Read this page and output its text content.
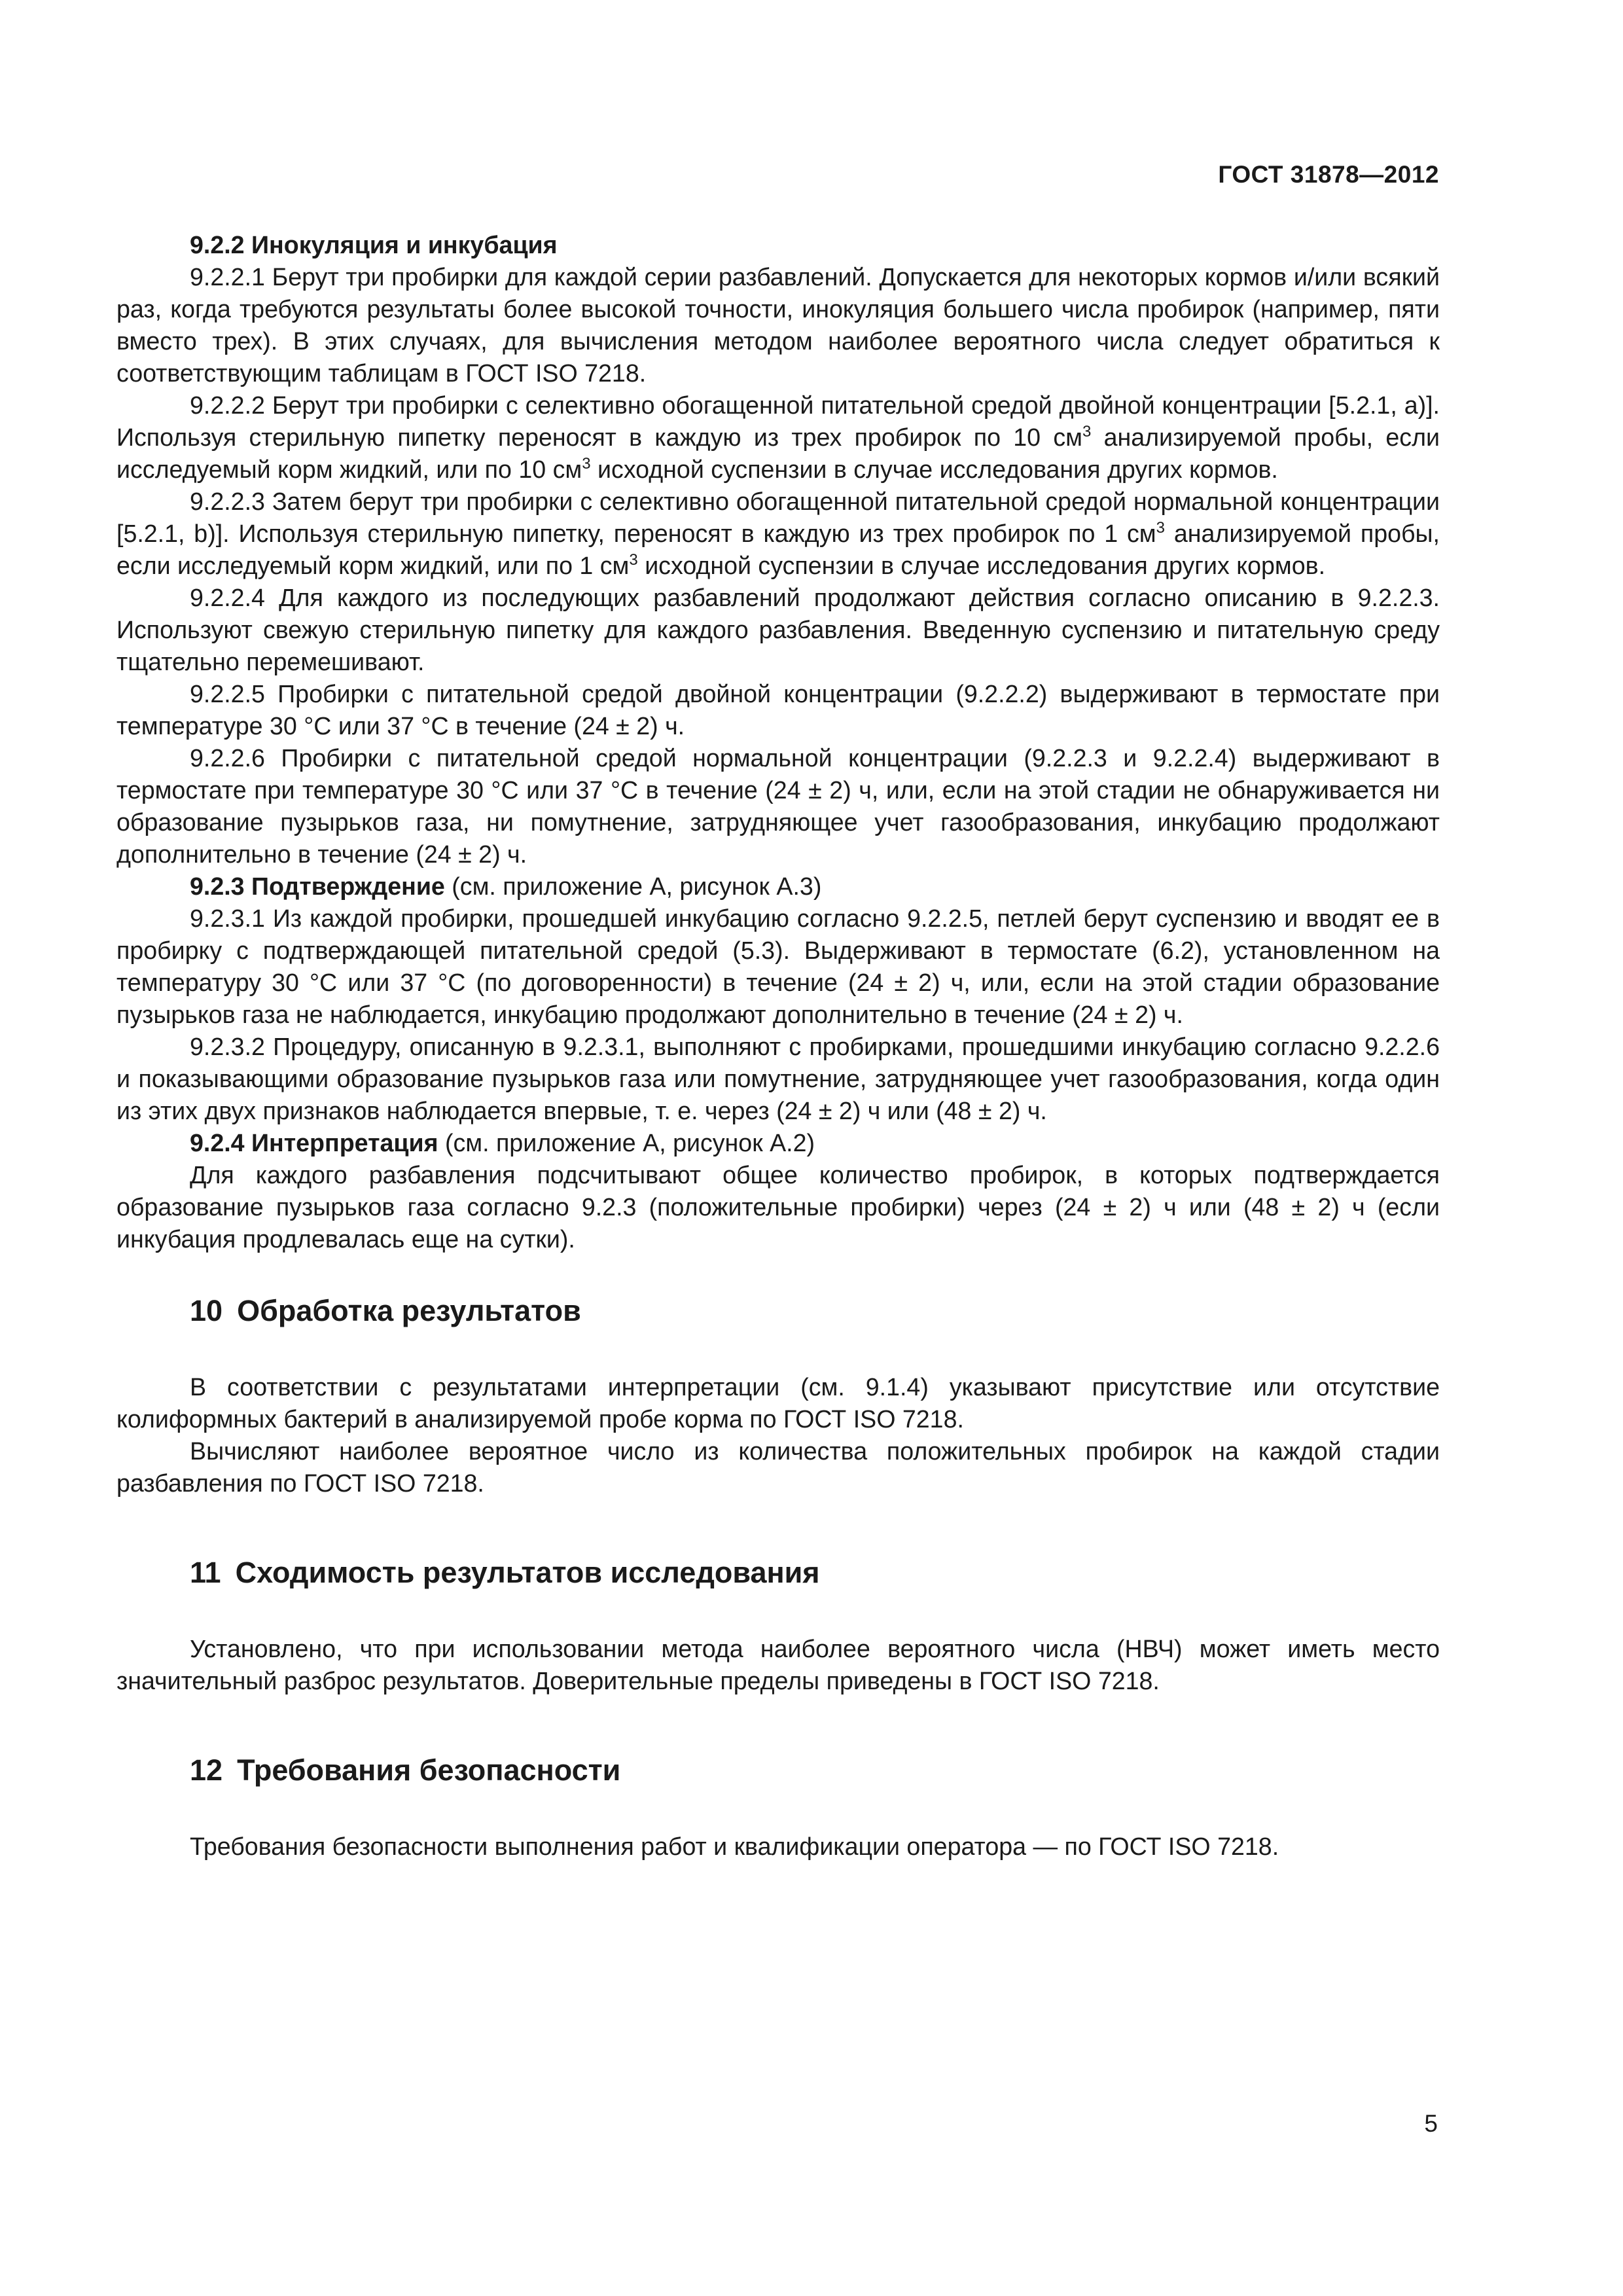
ГОСТ 31878—2012

9.2.2 Инокуляция и инкубация

9.2.2.1 Берут три пробирки для каждой серии разбавлений. Допускается для некоторых кормов и/или всякий раз, когда требуются результаты более высокой точности, инокуляция большего числа пробирок (например, пяти вместо трех). В этих случаях, для вычисления методом наиболее вероятного числа следует обратиться к соответствующим таблицам в ГОСТ ISO 7218.

9.2.2.2 Берут три пробирки с селективно обогащенной питательной средой двойной концентрации [5.2.1, a)]. Используя стерильную пипетку переносят в каждую из трех пробирок по 10 $см^3$ анализируемой пробы, если исследуемый корм жидкий, или по 10 $см^3$ исходной суспензии в случае исследования других кормов.

9.2.2.3 Затем берут три пробирки с селективно обогащенной питательной средой нормальной концентрации [5.2.1, b)]. Используя стерильную пипетку, переносят в каждую из трех пробирок по 1 $см^3$ анализируемой пробы, если исследуемый корм жидкий, или по 1 $см^3$ исходной суспензии в случае исследования других кормов.

9.2.2.4 Для каждого из последующих разбавлений продолжают действия согласно описанию в 9.2.2.3. Используют свежую стерильную пипетку для каждого разбавления. Введенную суспензию и питательную среду тщательно перемешивают.

9.2.2.5 Пробирки с питательной средой двойной концентрации (9.2.2.2) выдерживают в термостате при температуре 30 °С или 37 °С в течение (24 ± 2) ч.

9.2.2.6 Пробирки с питательной средой нормальной концентрации (9.2.2.3 и 9.2.2.4) выдерживают в термостате при температуре 30 °С или 37 °С в течение (24 ± 2) ч, или, если на этой стадии не обнаруживается ни образование пузырьков газа, ни помутнение, затрудняющее учет газообразования, инкубацию продолжают дополнительно в течение (24 ± 2) ч.

9.2.3 Подтверждение (см. приложение А, рисунок А.3)

9.2.3.1 Из каждой пробирки, прошедшей инкубацию согласно 9.2.2.5, петлей берут суспензию и вводят ее в пробирку с подтверждающей питательной средой (5.3). Выдерживают в термостате (6.2), установленном на температуру 30 °С или 37 °С (по договоренности) в течение (24 ± 2) ч, или, если на этой стадии образование пузырьков газа не наблюдается, инкубацию продолжают дополнительно в течение (24 ± 2) ч.

9.2.3.2 Процедуру, описанную в 9.2.3.1, выполняют с пробирками, прошедшими инкубацию согласно 9.2.2.6 и показывающими образование пузырьков газа или помутнение, затрудняющее учет газообразования, когда один из этих двух признаков наблюдается впервые, т. е. через (24 ± 2) ч или (48 ± 2) ч.

9.2.4 Интерпретация (см. приложение А, рисунок А.2)

Для каждого разбавления подсчитывают общее количество пробирок, в которых подтверждается образование пузырьков газа согласно 9.2.3 (положительные пробирки) через (24 ± 2) ч или (48 ± 2) ч (если инкубация продлевалась еще на сутки).

10 Обработка результатов

В соответствии с результатами интерпретации (см. 9.1.4) указывают присутствие или отсутствие колиформных бактерий в анализируемой пробе корма по ГОСТ ISO 7218.

Вычисляют наиболее вероятное число из количества положительных пробирок на каждой стадии разбавления по ГОСТ ISO 7218.

11 Сходимость результатов исследования

Установлено, что при использовании метода наиболее вероятного числа (НВЧ) может иметь место значительный разброс результатов. Доверительные пределы приведены в ГОСТ ISO 7218.

12 Требования безопасности

Требования безопасности выполнения работ и квалификации оператора — по ГОСТ ISO 7218.

5
